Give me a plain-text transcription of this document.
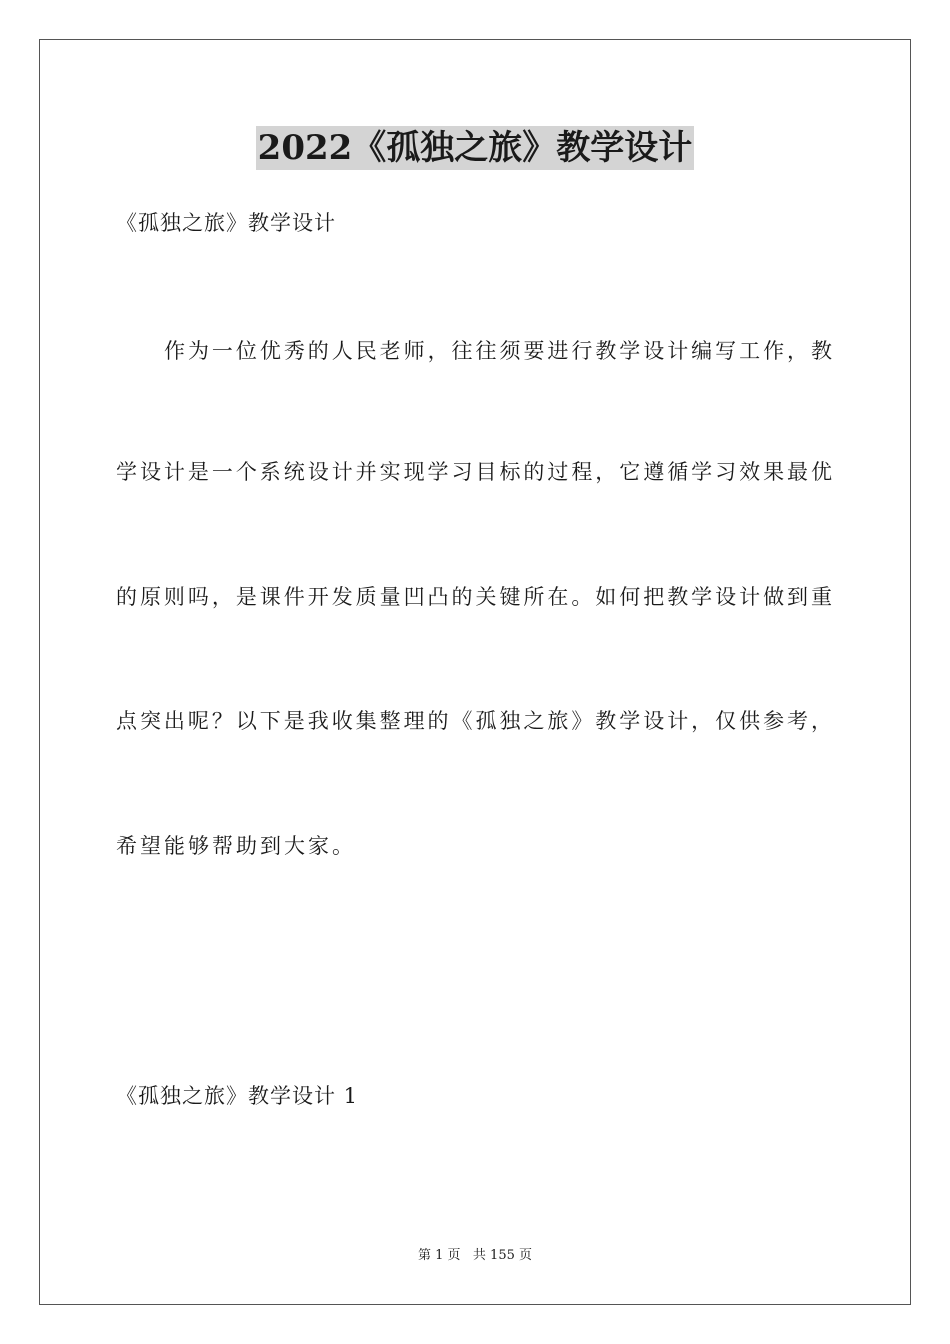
2022《孤独之旅》教学设计
《孤独之旅》教学设计
作为一位优秀的人民老师，往往须要进行教学设计编写工作，教
学设计是一个系统设计并实现学习目标的过程，它遵循学习效果最优
的原则吗，是课件开发质量凹凸的关键所在。如何把教学设计做到重
点突出呢？以下是我收集整理的《孤独之旅》教学设计，仅供参考，
希望能够帮助到大家。
《孤独之旅》教学设计 1
第 1 页   共 155 页
